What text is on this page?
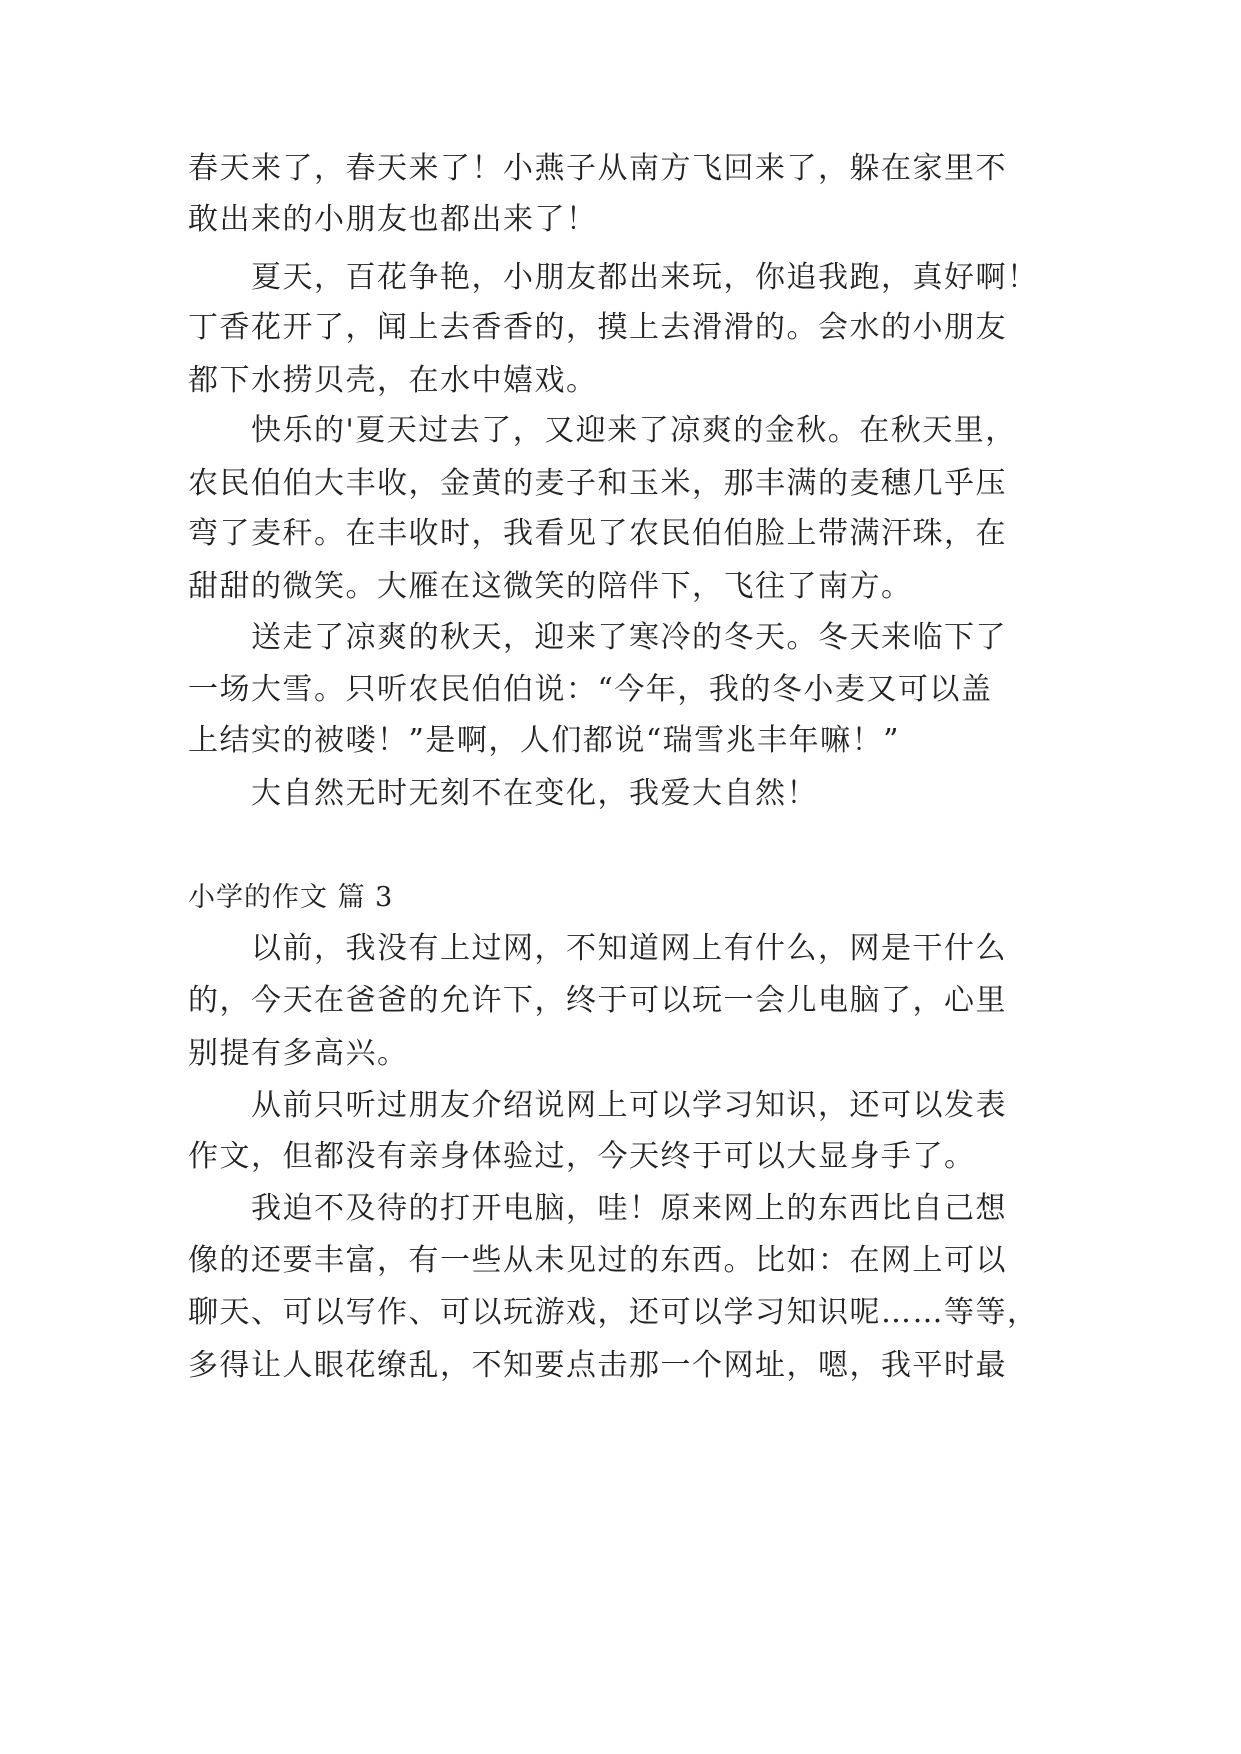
春天来了，春天来了！小燕子从南方飞回来了，躲在家里不
敢出来的小朋友也都出来了！
夏天，百花争艳，小朋友都出来玩，你追我跑，真好啊！
丁香花开了，闻上去香香的，摸上去滑滑的。会水的小朋友
都下水捞贝壳，在水中嬉戏。
快乐的'夏天过去了，又迎来了凉爽的金秋。在秋天里，
农民伯伯大丰收，金黄的麦子和玉米，那丰满的麦穗几乎压
弯了麦秆。在丰收时，我看见了农民伯伯脸上带满汗珠，在
甜甜的微笑。大雁在这微笑的陪伴下，飞往了南方。
送走了凉爽的秋天，迎来了寒冷的冬天。冬天来临下了
一场大雪。只听农民伯伯说：“今年，我的冬小麦又可以盖
上结实的被喽！”是啊，人们都说“瑞雪兆丰年嘛！”
大自然无时无刻不在变化，我爱大自然！
小学的作文 篇 3
以前，我没有上过网，不知道网上有什么，网是干什么
的，今天在爸爸的允许下，终于可以玩一会儿电脑了，心里
别提有多高兴。
从前只听过朋友介绍说网上可以学习知识，还可以发表
作文，但都没有亲身体验过，今天终于可以大显身手了。
我迫不及待的打开电脑，哇！原来网上的东西比自己想
像的还要丰富，有一些从未见过的东西。比如：在网上可以
聊天、可以写作、可以玩游戏，还可以学习知识呢……等等，
多得让人眼花缭乱，不知要点击那一个网址，嗯，我平时最
